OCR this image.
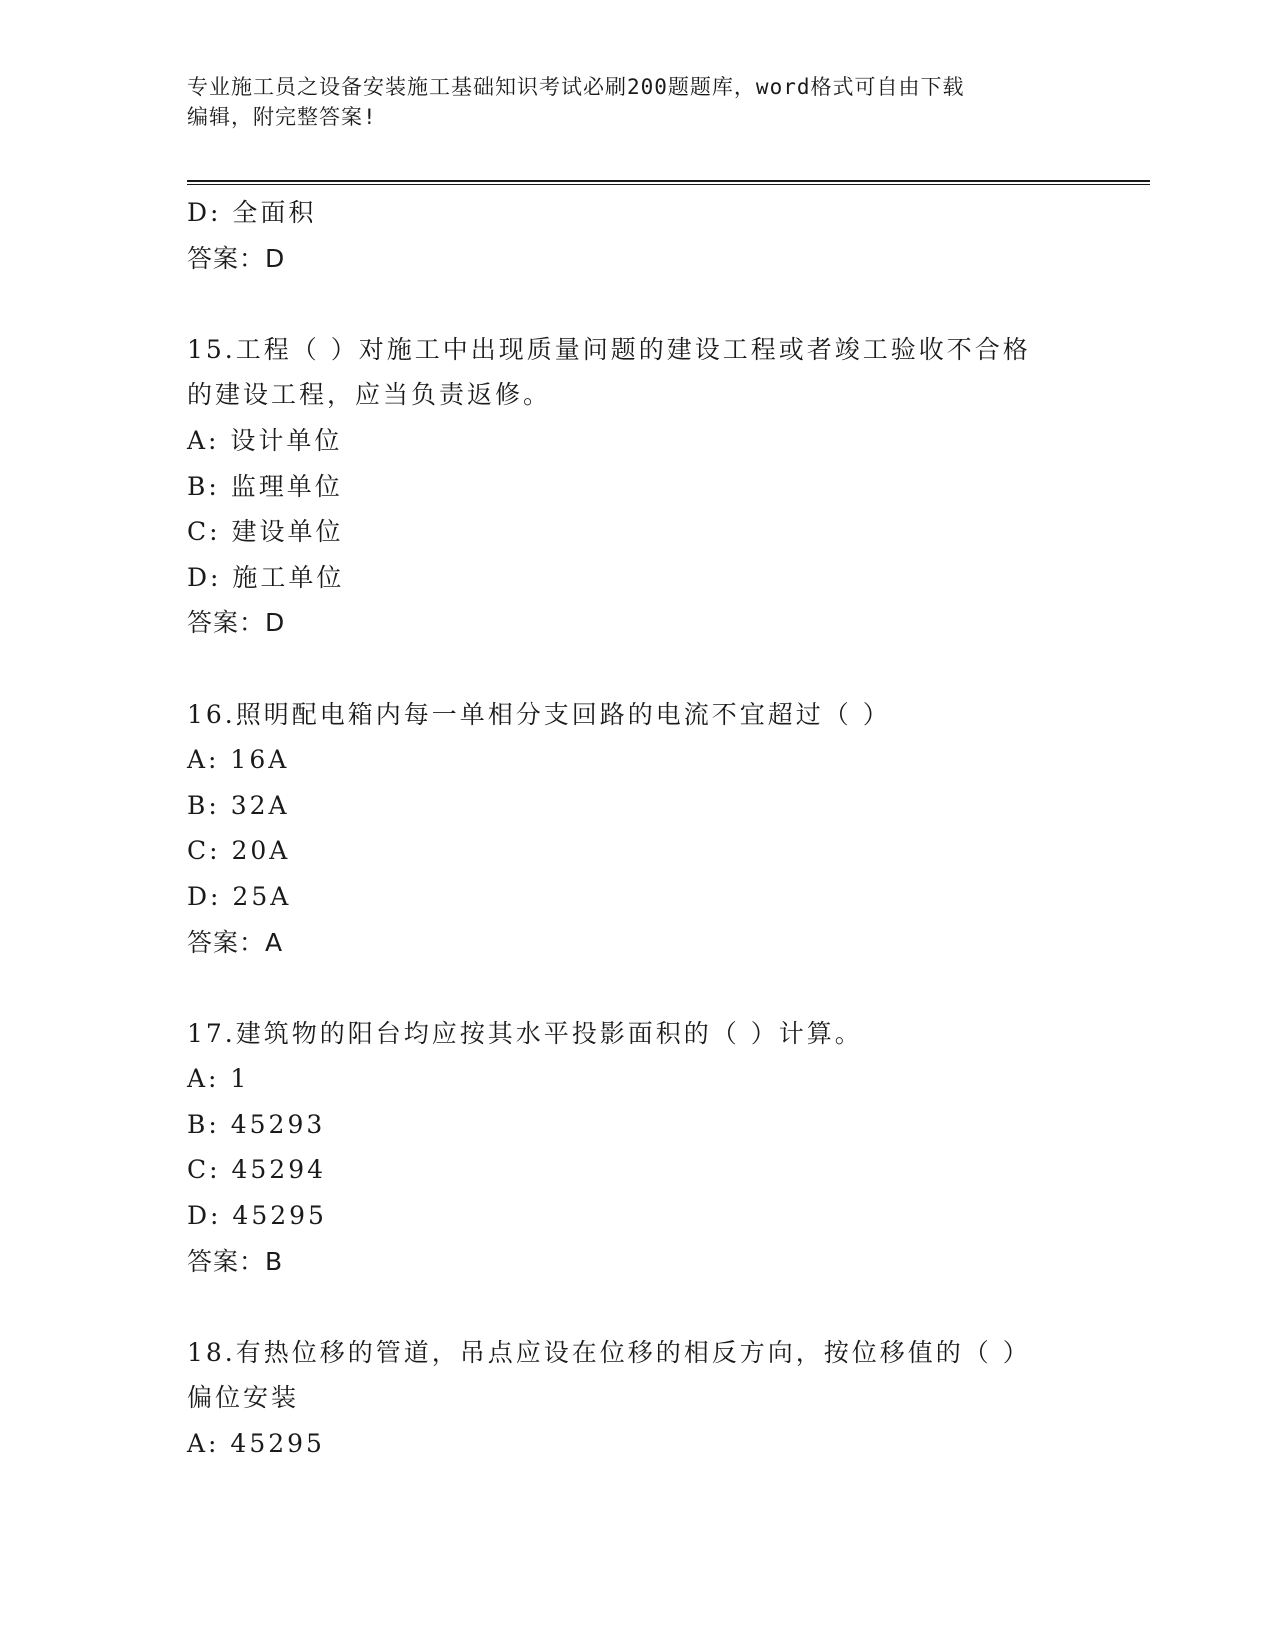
专业施工员之设备安装施工基础知识考试必刷200题题库，word格式可自由下载
编辑，附完整答案!
D: 全面积
答案：D
15.工程（ ）对施工中出现质量问题的建设工程或者竣工验收不合格
的建设工程，应当负责返修。
A: 设计单位
B: 监理单位
C: 建设单位
D: 施工单位
答案：D
16.照明配电箱内每一单相分支回路的电流不宜超过（ ）
A: 16A
B: 32A
C: 20A
D: 25A
答案：A
17.建筑物的阳台均应按其水平投影面积的（ ）计算。
A: 1
B: 45293
C: 45294
D: 45295
答案：B
18.有热位移的管道，吊点应设在位移的相反方向，按位移值的（ ）
偏位安装
A: 45295
